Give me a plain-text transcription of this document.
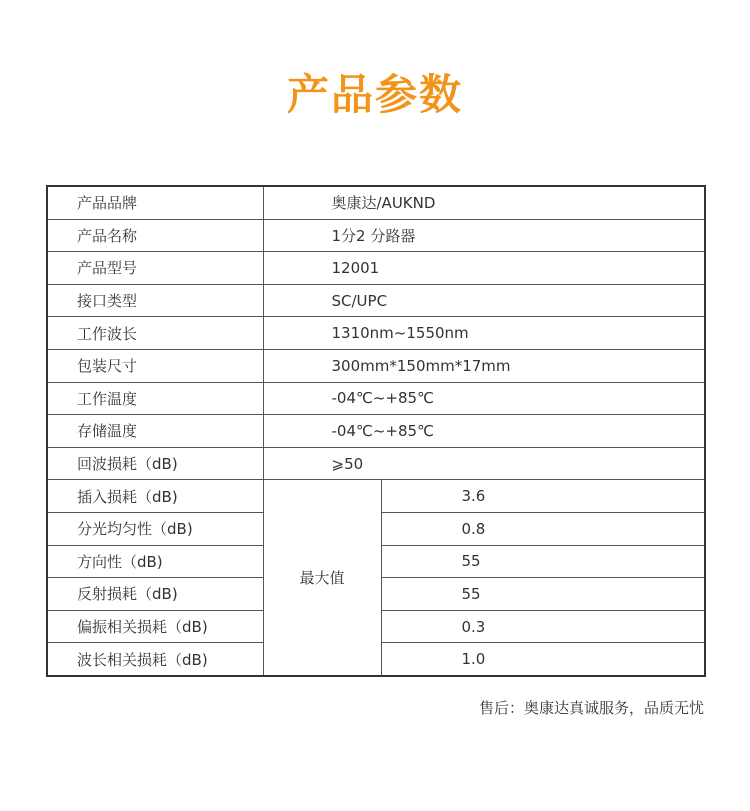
产品参数
产品品牌	奥康达/AUKND	
产品名称	1分2 分路器	
产品型号	12001	
接口类型	SC/UPC	
工作波长	1310nm~1550nm	
包装尺寸	300mm*150mm*17mm	
工作温度	-04℃~+85℃	
存储温度	-04℃~+85℃	
回波损耗（dB)	⩾50	
插入损耗（dB)	最大值	3.6
分光均匀性（dB)		0.8
方向性（dB)		55
反射损耗（dB)		55
偏振相关损耗（dB)		0.3
波长相关损耗（dB)		1.0
售后：奥康达真诚服务，品质无忧
